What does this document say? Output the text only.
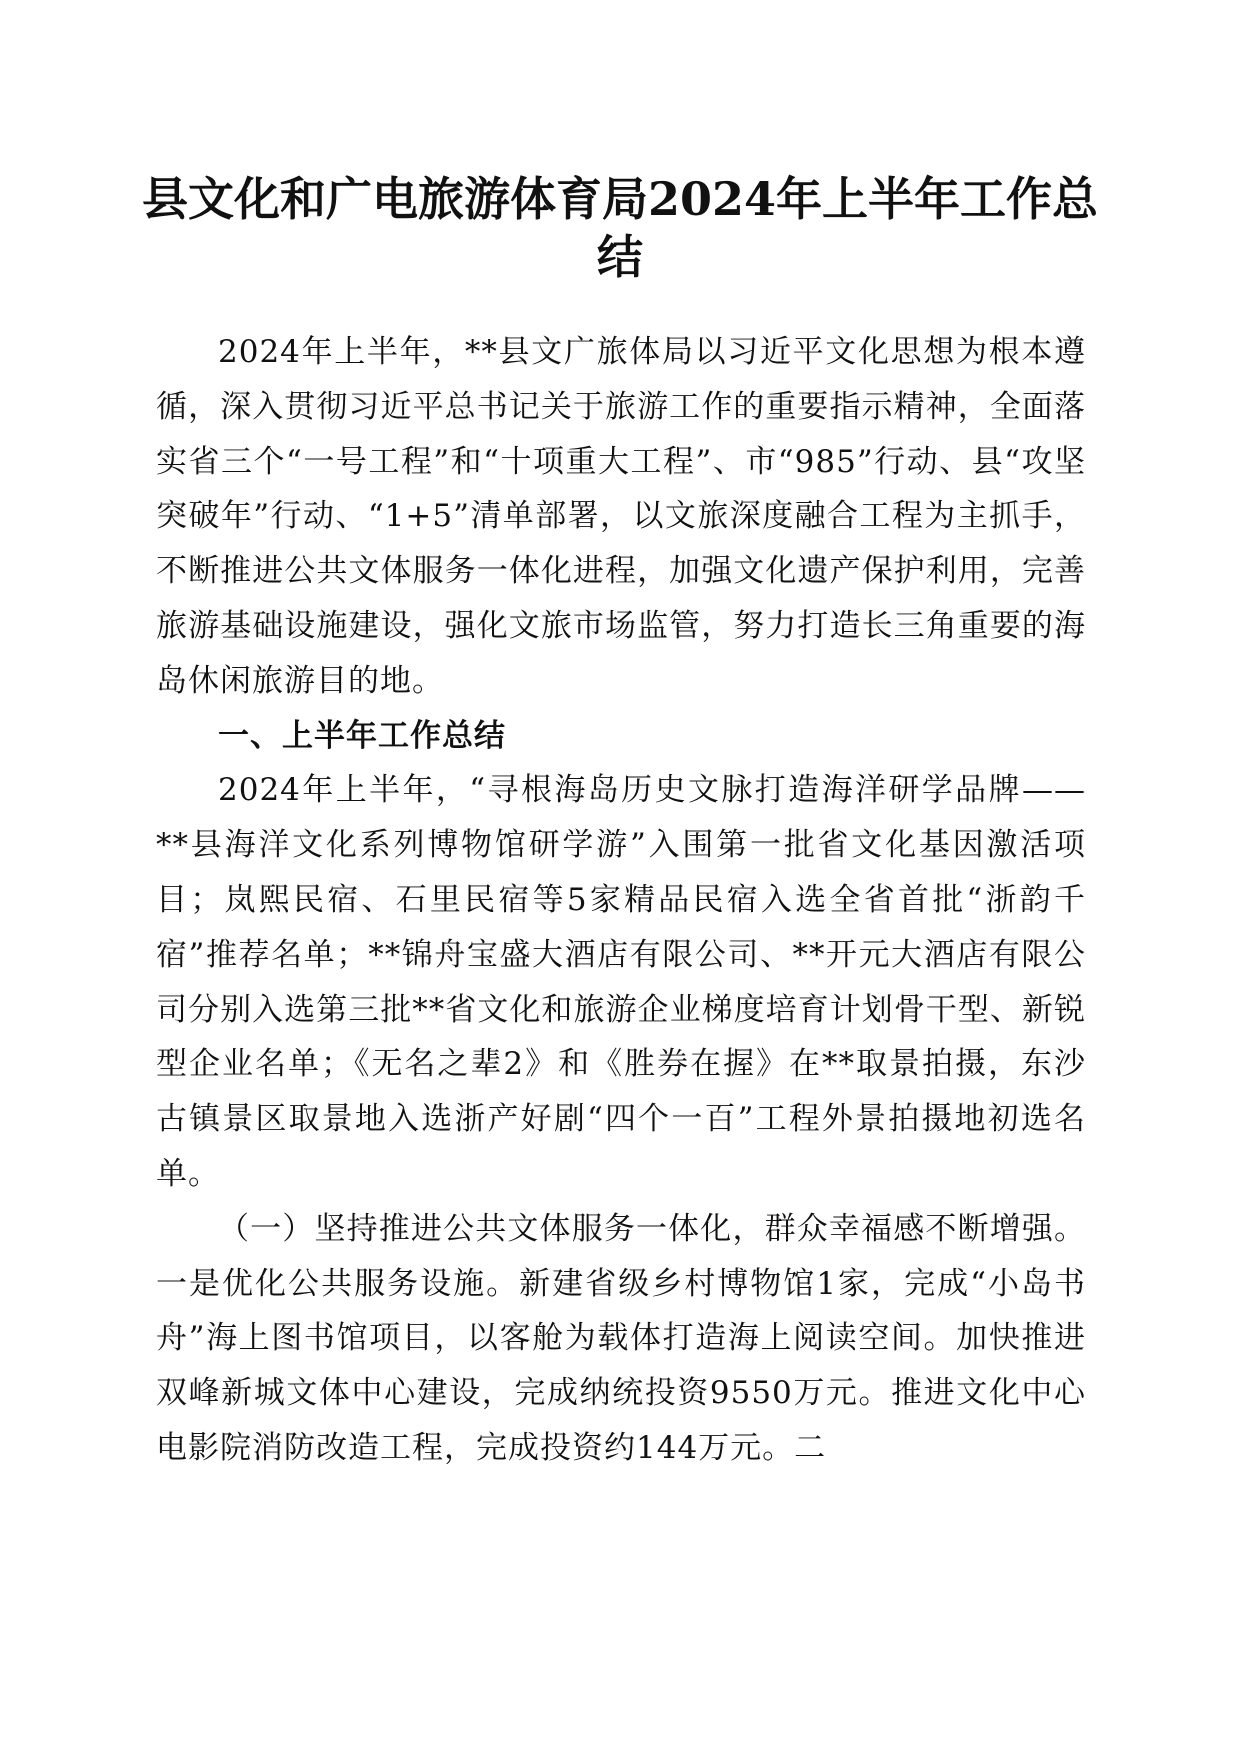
县文化和广电旅游体育局2024年上半年工作总结

2024年上半年，**县文广旅体局以习近平文化思想为根本遵循，深入贯彻习近平总书记关于旅游工作的重要指示精神，全面落实省三个“一号工程”和“十项重大工程”、市“985”行动、县“攻坚突破年”行动、“1+5”清单部署，以文旅深度融合工程为主抓手，不断推进公共文体服务一体化进程，加强文化遗产保护利用，完善旅游基础设施建设，强化文旅市场监管，努力打造长三角重要的海岛休闲旅游目的地。

一、上半年工作总结

2024年上半年，“寻根海岛历史文脉打造海洋研学品牌——**县海洋文化系列博物馆研学游”入围第一批省文化基因激活项目；岚熙民宿、石里民宿等5家精品民宿入选全省首批“浙韵千宿”推荐名单；**锦舟宝盛大酒店有限公司、**开元大酒店有限公司分别入选第三批**省文化和旅游企业梯度培育计划骨干型、新锐型企业名单；《无名之辈2》和《胜券在握》在**取景拍摄，东沙古镇景区取景地入选浙产好剧“四个一百”工程外景拍摄地初选名单。

（一）坚持推进公共文体服务一体化，群众幸福感不断增强。一是优化公共服务设施。新建省级乡村博物馆1家，完成“小岛书舟”海上图书馆项目，以客舱为载体打造海上阅读空间。加快推进双峰新城文体中心建设，完成纳统投资9550万元。推进文化中心电影院消防改造工程，完成投资约144万元。二
